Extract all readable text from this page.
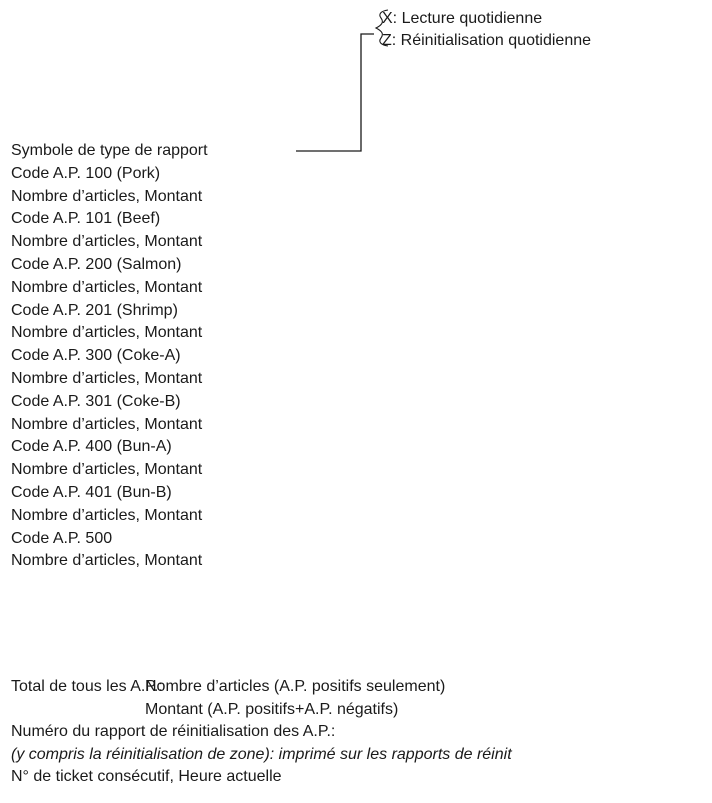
X: Lecture quotidienne
Z: Réinitialisation quotidienne
Symbole de type de rapport
Code A.P. 100 (Pork)
Nombre d’articles, Montant
Code A.P. 101 (Beef)
Nombre d’articles, Montant
Code A.P. 200 (Salmon)
Nombre d’articles, Montant
Code A.P. 201 (Shrimp)
Nombre d’articles, Montant
Code A.P. 300 (Coke-A)
Nombre d’articles, Montant
Code A.P. 301 (Coke-B)
Nombre d’articles, Montant
Code A.P. 400 (Bun-A)
Nombre d’articles, Montant
Code A.P. 401 (Bun-B)
Nombre d’articles, Montant
Code A.P. 500
Nombre d’articles, Montant
Total de tous les A.P.:Nombre d’articles (A.P. positifs seulement)
Montant (A.P. positifs+A.P. négatifs)
Numéro du rapport de réinitialisation des A.P.:
(y compris la réinitialisation de zone): imprimé sur les rapports de réinit
N° de ticket consécutif, Heure actuelle
